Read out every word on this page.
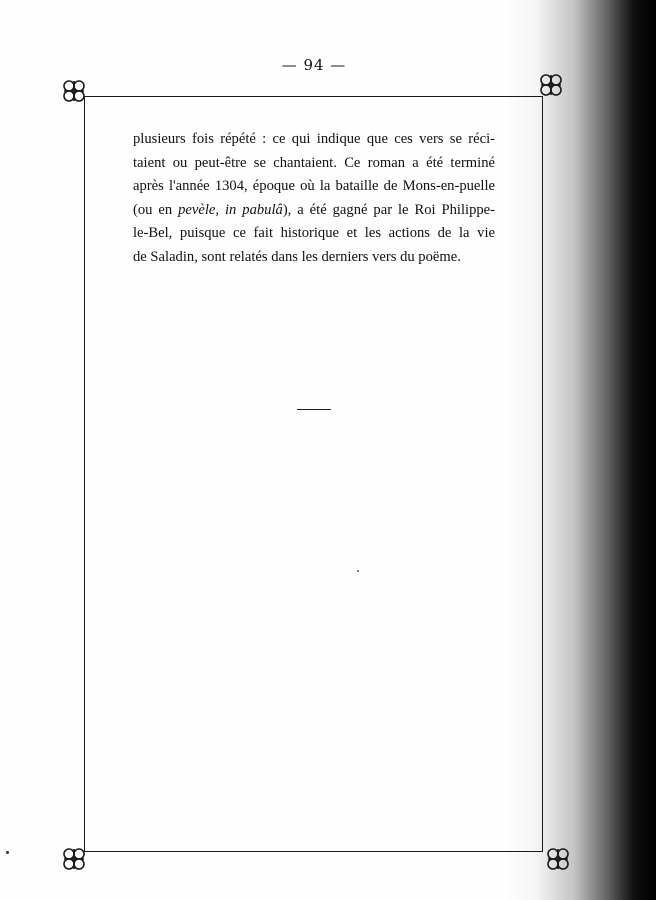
— 94 —
plusieurs fois répété : ce qui indique que ces vers se réci-
taient ou peut-être se chantaient. Ce roman a été terminé
après l'année 1304, époque où la bataille de Mons-en-puelle
(ou en pevèle, in pabulâ), a été gagné par le Roi Philippe-
le-Bel, puisque ce fait historique et les actions de la vie
de Saladin, sont relatés dans les derniers vers du poëme.
